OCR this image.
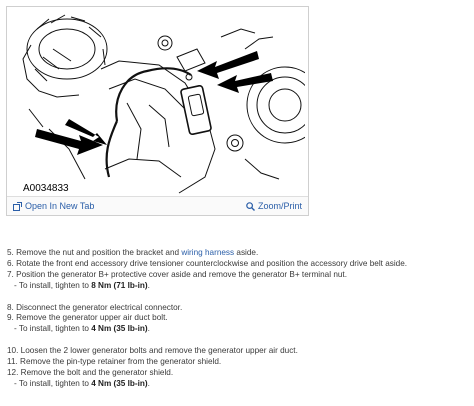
A0034833
Open In New Tab	Zoom/Print
5. Remove the nut and position the bracket and wiring harness aside.
6. Rotate the front end accessory drive tensioner counterclockwise and position the accessory drive belt aside.
7. Position the generator B+ protective cover aside and remove the generator B+ terminal nut.
- To install, tighten to 8 Nm (71 lb-in).
8. Disconnect the generator electrical connector.
9. Remove the generator upper air duct bolt.
- To install, tighten to 4 Nm (35 lb-in).
10. Loosen the 2 lower generator bolts and remove the generator upper air duct.
11. Remove the pin-type retainer from the generator shield.
12. Remove the bolt and the generator shield.
- To install, tighten to 4 Nm (35 lb-in).
